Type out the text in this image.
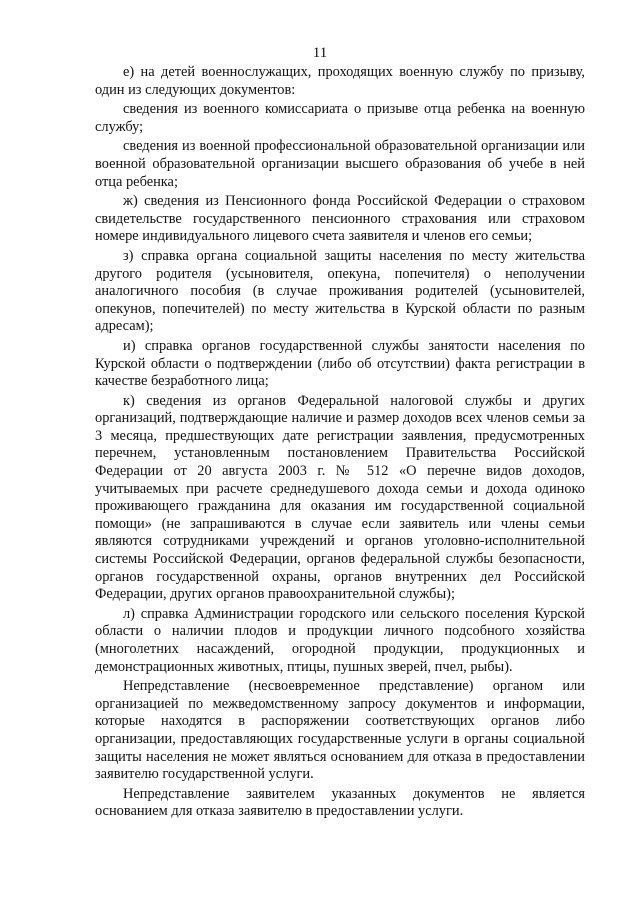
11

е) на детей военнослужащих, проходящих военную службу по призыву, один из следующих документов:

сведения из военного комиссариата о призыве отца ребенка на военную службу;

сведения из военной профессиональной образовательной организации или военной образовательной организации высшего образования об учебе в ней отца ребенка;

ж) сведения из Пенсионного фонда Российской Федерации о страховом свидетельстве государственного пенсионного страхования или страховом номере индивидуального лицевого счета заявителя и членов его семьи;

з) справка органа социальной защиты населения по месту жительства другого родителя (усыновителя, опекуна, попечителя) о неполучении аналогичного пособия (в случае проживания родителей (усыновителей, опекунов, попечителей) по месту жительства в Курской области по разным адресам);

и) справка органов государственной службы занятости населения по Курской области о подтверждении (либо об отсутствии) факта регистрации в качестве безработного лица;

к) сведения из органов Федеральной налоговой службы и других организаций, подтверждающие наличие и размер доходов всех членов семьи за 3 месяца, предшествующих дате регистрации заявления, предусмотренных перечнем, установленным постановлением Правительства Российской Федерации от 20 августа 2003 г. № 512 «О перечне видов доходов, учитываемых при расчете среднедушевого дохода семьи и дохода одиноко проживающего гражданина для оказания им государственной социальной помощи» (не запрашиваются в случае если заявитель или члены семьи являются сотрудниками учреждений и органов уголовно-исполнительной системы Российской Федерации, органов федеральной службы безопасности, органов государственной охраны, органов внутренних дел Российской Федерации, других органов правоохранительной службы);

л) справка Администрации городского или сельского поселения Курской области о наличии плодов и продукции личного подсобного хозяйства (многолетних насаждений, огородной продукции, продукционных и демонстрационных животных, птицы, пушных зверей, пчел, рыбы).

Непредставление (несвоевременное представление) органом или организацией по межведомственному запросу документов и информации, которые находятся в распоряжении соответствующих органов либо организации, предоставляющих государственные услуги в органы социальной защиты населения не может являться основанием для отказа в предоставлении заявителю государственной услуги.

Непредставление заявителем указанных документов не является основанием для отказа заявителю в предоставлении услуги.
